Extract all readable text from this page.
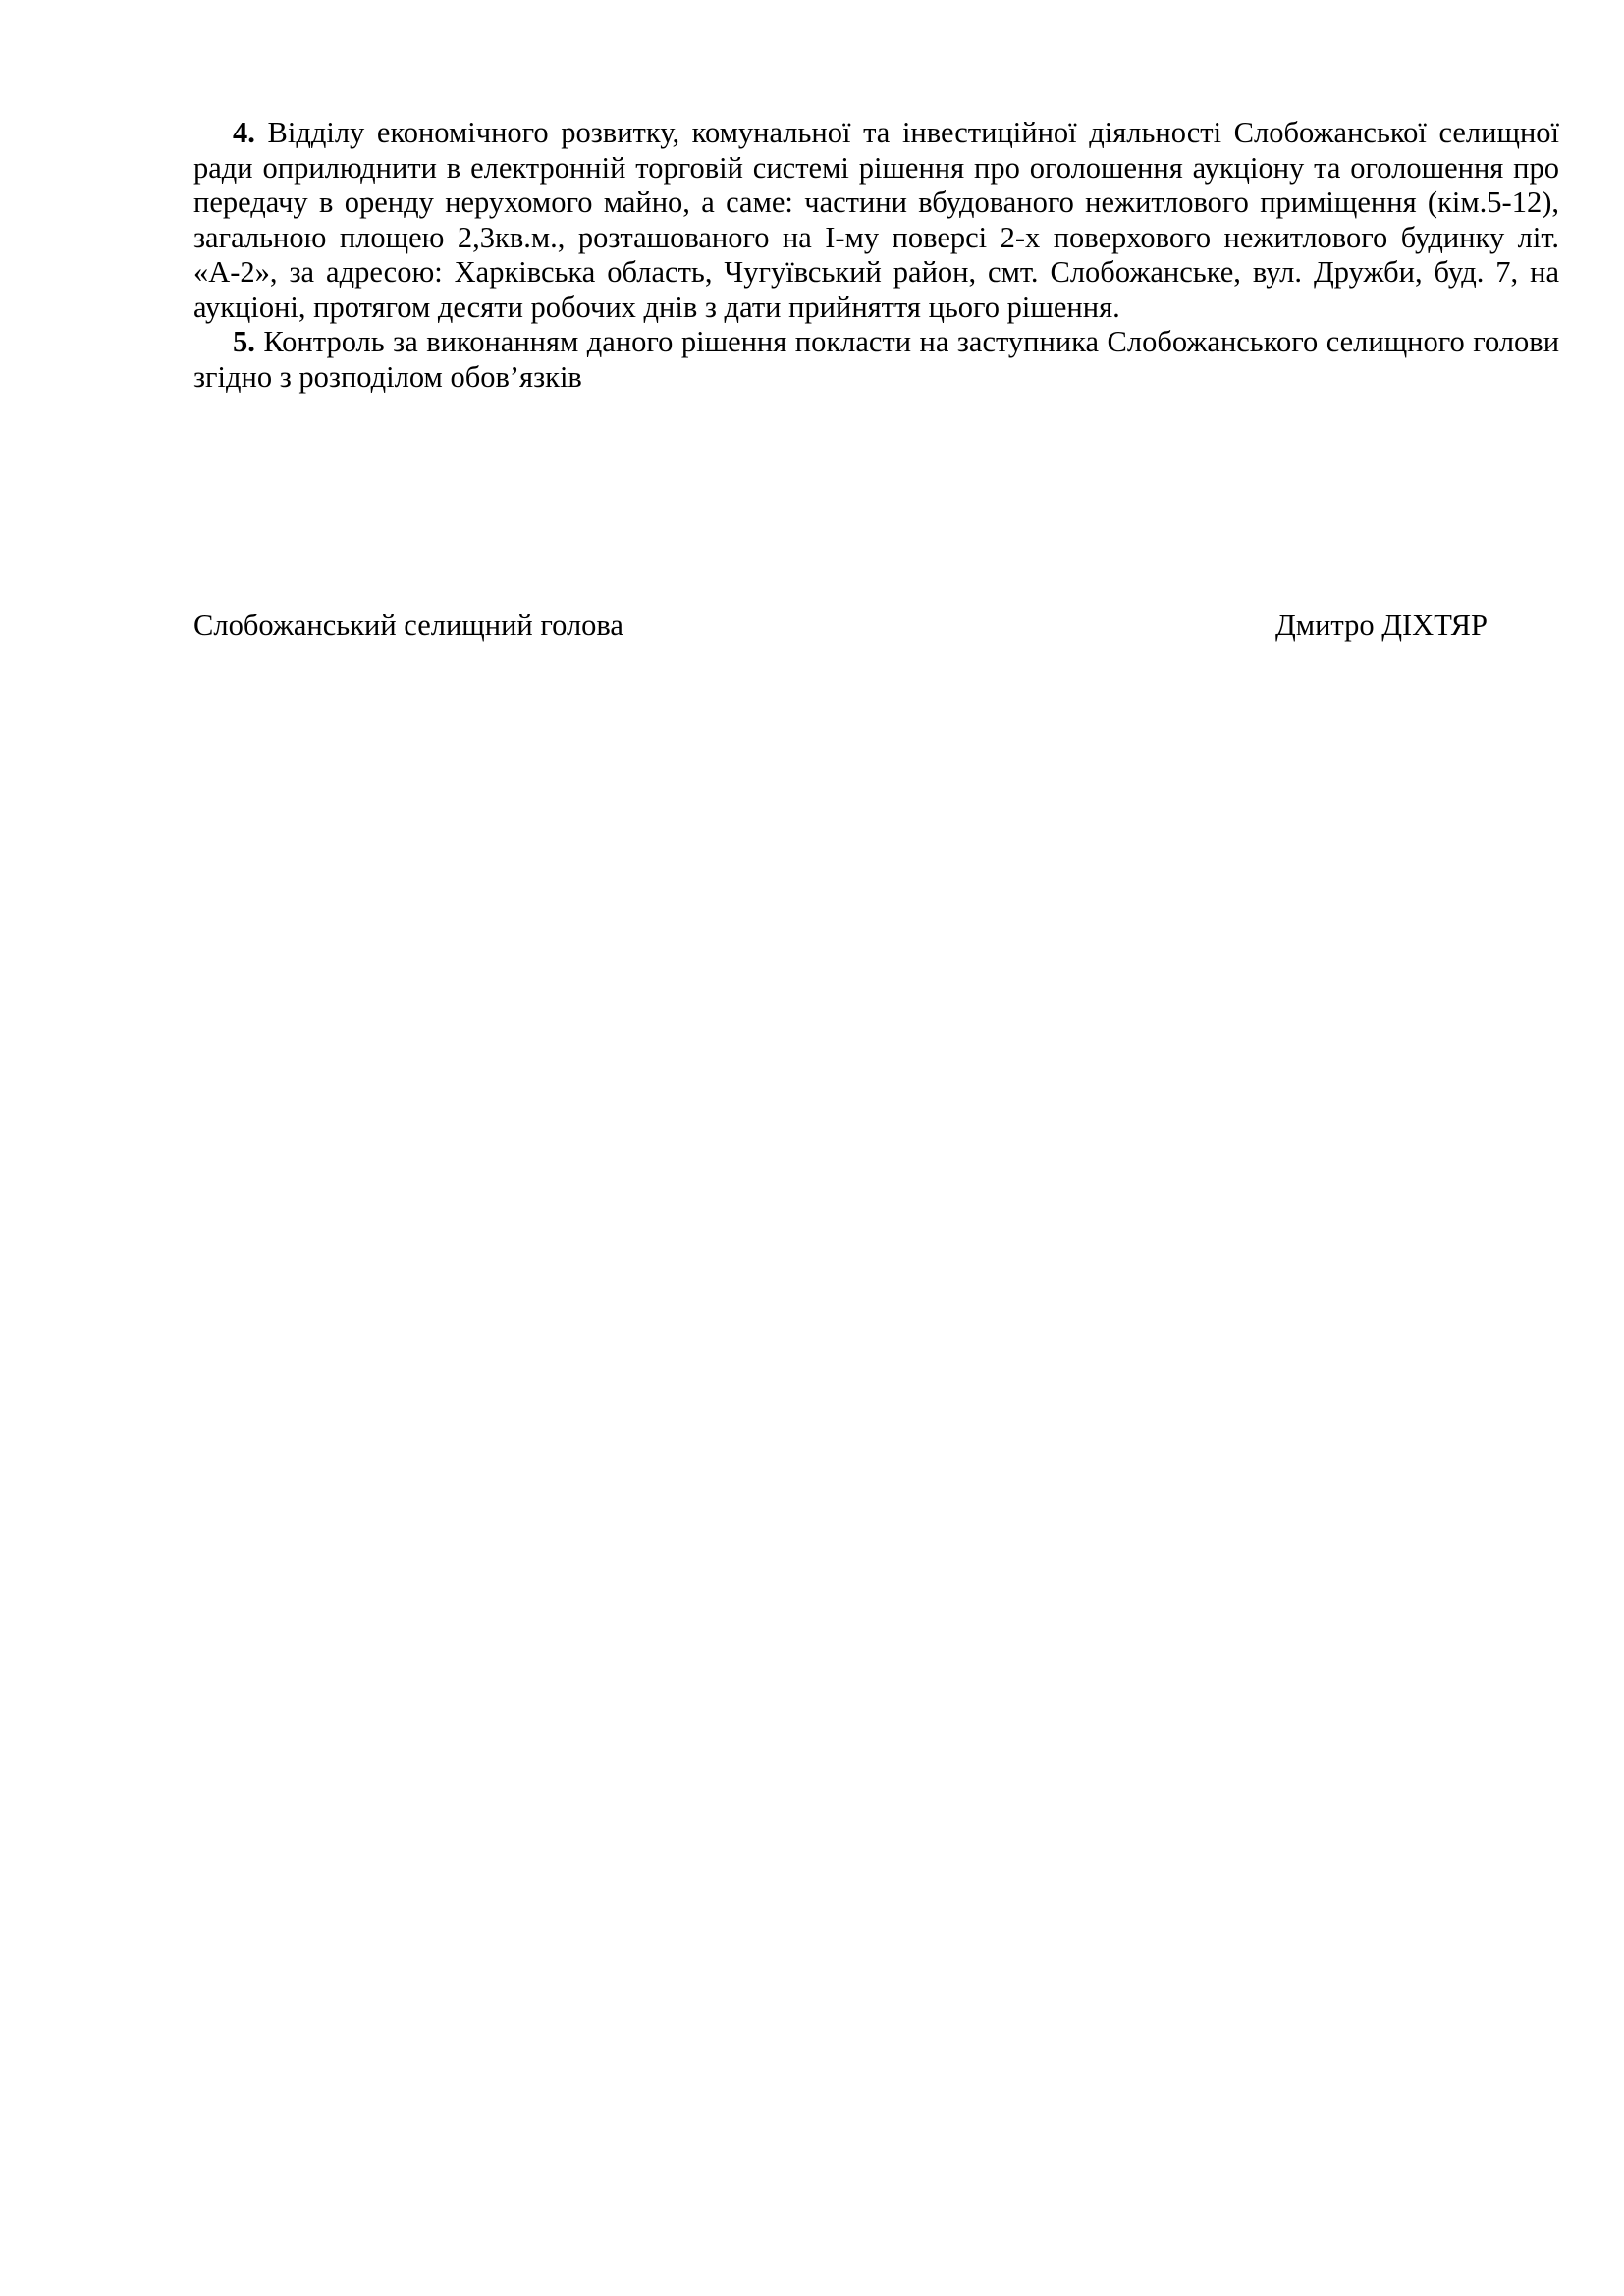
4. Відділу економічного розвитку, комунальної та інвестиційної діяльності Слобожанської селищної ради оприлюднити в електронній торговій системі рішення про оголошення аукціону та оголошення про передачу в оренду нерухомого майно, а саме: частини вбудованого нежитлового приміщення (кім.5-12), загальною площею 2,3кв.м., розташованого на I-му поверсі 2-х поверхового нежитлового будинку літ. «А-2», за адресою: Харківська область, Чугуївський район, смт. Слобожанське, вул. Дружби, буд. 7, на аукціоні, протягом десяти робочих днів з дати прийняття цього рішення.

5. Контроль за виконанням даного рішення покласти на заступника Слобожанського селищного голови згідно з розподілом обов’язків

Слобожанський селищний голова	Дмитро ДІХТЯР
